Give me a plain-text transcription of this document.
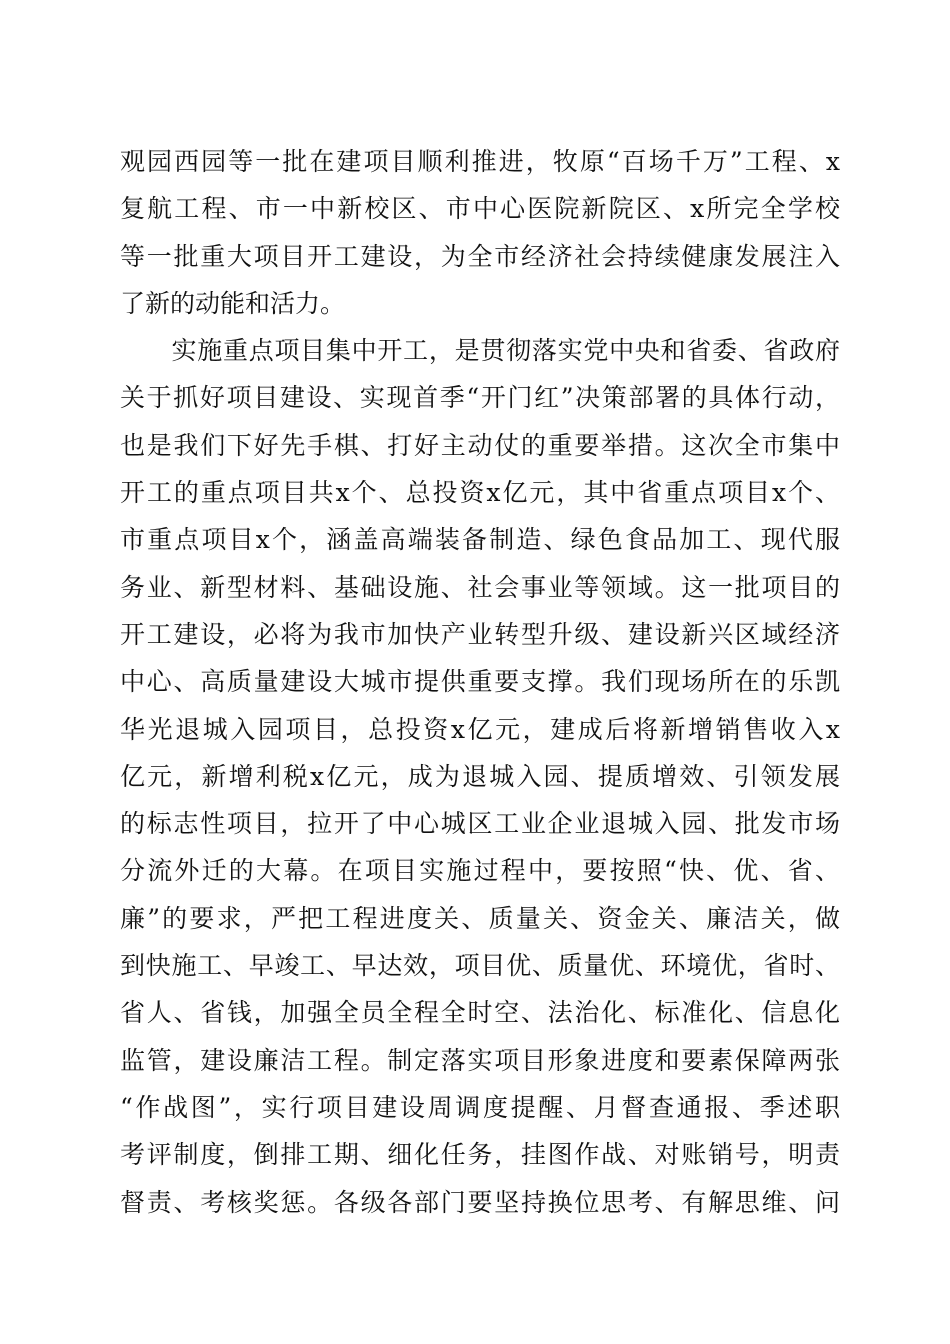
观园西园等一批在建项目顺利推进，牧原“百场千万”工程、x
复航工程、市一中新校区、市中心医院新院区、x所完全学校
等一批重大项目开工建设，为全市经济社会持续健康发展注入
了新的动能和活力。
　　实施重点项目集中开工，是贯彻落实党中央和省委、省政府
关于抓好项目建设、实现首季“开门红”决策部署的具体行动，
也是我们下好先手棋、打好主动仗的重要举措。这次全市集中
开工的重点项目共x个、总投资x亿元，其中省重点项目x个、
市重点项目x个，涵盖高端装备制造、绿色食品加工、现代服
务业、新型材料、基础设施、社会事业等领域。这一批项目的
开工建设，必将为我市加快产业转型升级、建设新兴区域经济
中心、高质量建设大城市提供重要支撑。我们现场所在的乐凯
华光退城入园项目，总投资x亿元，建成后将新增销售收入x
亿元，新增利税x亿元，成为退城入园、提质增效、引领发展
的标志性项目，拉开了中心城区工业企业退城入园、批发市场
分流外迁的大幕。在项目实施过程中，要按照“快、优、省、
廉”的要求，严把工程进度关、质量关、资金关、廉洁关，做
到快施工、早竣工、早达效，项目优、质量优、环境优，省时、
省人、省钱，加强全员全程全时空、法治化、标准化、信息化
监管，建设廉洁工程。制定落实项目形象进度和要素保障两张
“作战图”，实行项目建设周调度提醒、月督查通报、季述职
考评制度，倒排工期、细化任务，挂图作战、对账销号，明责
督责、考核奖惩。各级各部门要坚持换位思考、有解思维、问
